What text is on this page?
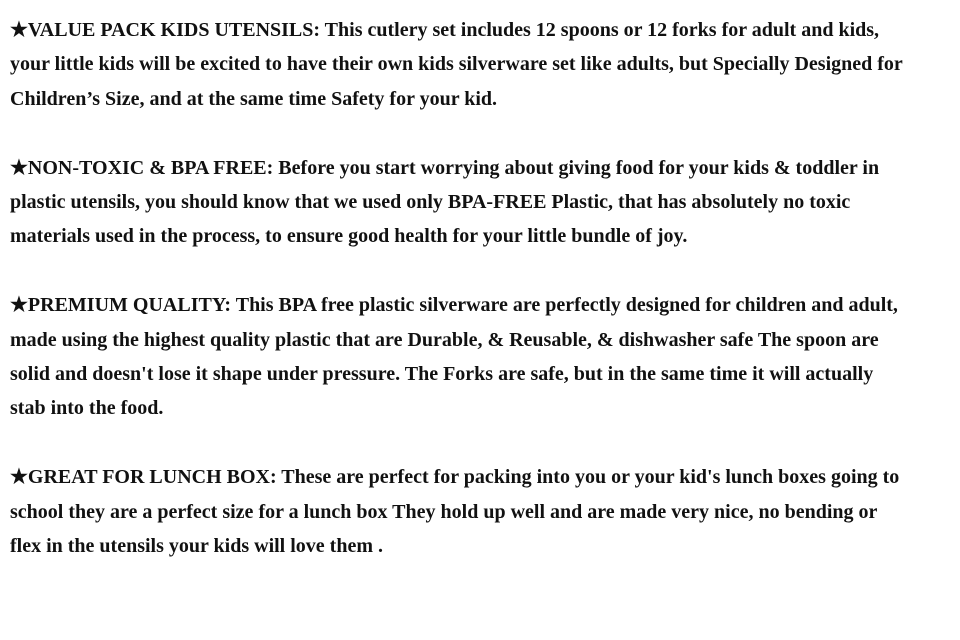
★VALUE PACK KIDS UTENSILS: This cutlery set includes 12 spoons or 12 forks for adult and kids, your little kids will be excited to have their own kids silverware set like adults, but Specially Designed for Children’s Size, and at the same time Safety for your kid.

★NON-TOXIC & BPA FREE: Before you start worrying about giving food for your kids & toddler in plastic utensils, you should know that we used only BPA-FREE Plastic, that has absolutely no toxic materials used in the process, to ensure good health for your little bundle of joy.

★PREMIUM QUALITY: This BPA free plastic silverware are perfectly designed for children and adult, made using the highest quality plastic that are Durable, & Reusable, & dishwasher safe The spoon are solid and doesn't lose it shape under pressure. The Forks are safe, but in the same time it will actually stab into the food.

★GREAT FOR LUNCH BOX: These are perfect for packing into you or your kid's lunch boxes going to school they are a perfect size for a lunch box They hold up well and are made very nice, no bending or flex in the utensils your kids will love them .
